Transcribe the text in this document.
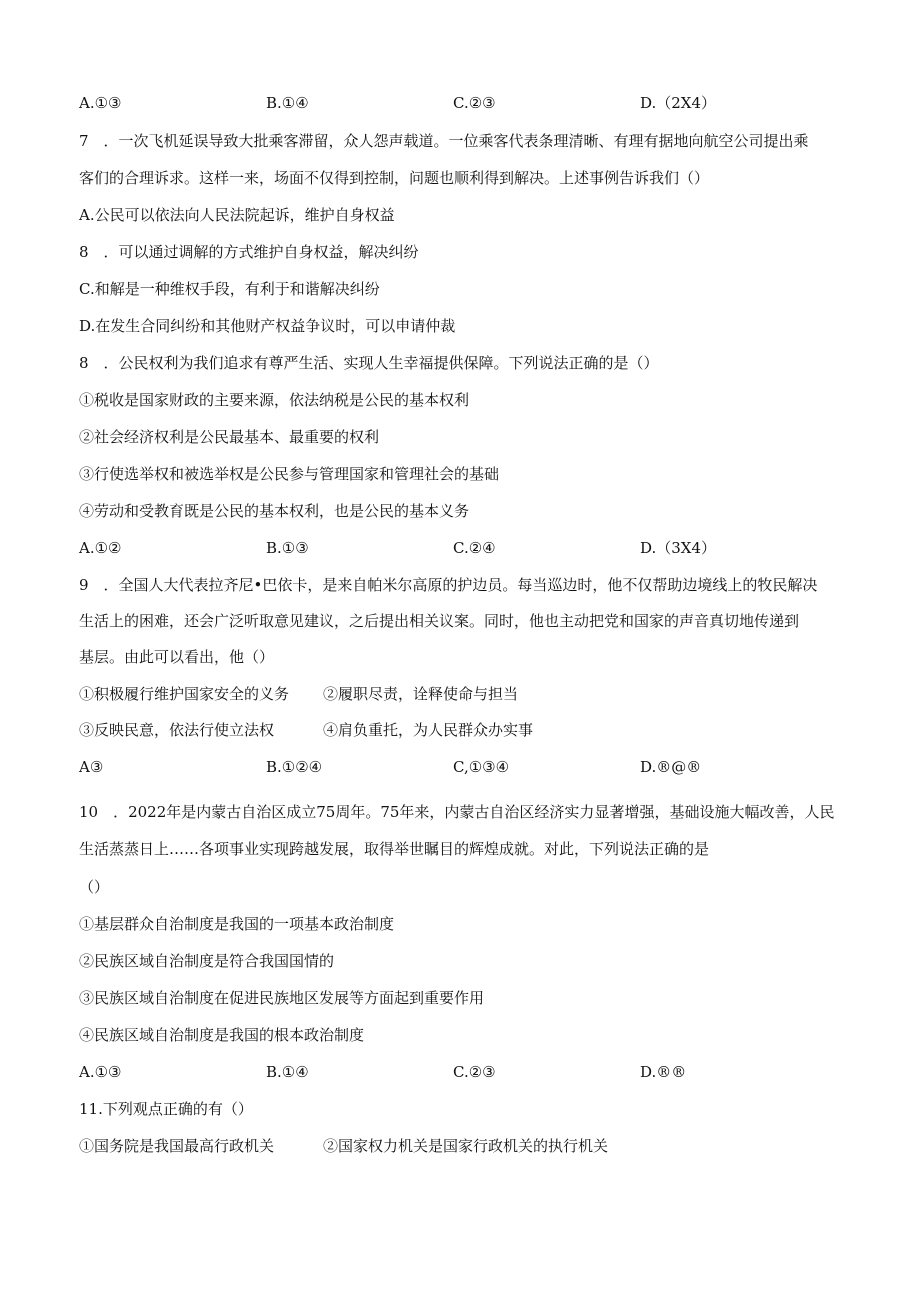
A.①③	B.①④	C.②③	D.（2X4）
7　．一次飞机延误导致大批乘客滞留，众人怨声载道。一位乘客代表条理清晰、有理有据地向航空公司提出乘
客们的合理诉求。这样一来，场面不仅得到控制，问题也顺利得到解决。上述事例告诉我们（）
A.公民可以依法向人民法院起诉，维护自身权益
8　．可以通过调解的方式维护自身权益，解决纠纷
C.和解是一种维权手段，有利于和谐解决纠纷
D.在发生合同纠纷和其他财产权益争议时，可以申请仲裁
8　．公民权利为我们追求有尊严生活、实现人生幸福提供保障。下列说法正确的是（）
①税收是国家财政的主要来源，依法纳税是公民的基本权利
②社会经济权利是公民最基本、最重要的权利
③行使选举权和被选举权是公民参与管理国家和管理社会的基础
④劳动和受教育既是公民的基本权利，也是公民的基本义务
A.①②	B.①③	C.②④	D.（3X4）
9　．全国人大代表拉齐尼•巴依卡，是来自帕米尔高原的护边员。每当巡边时，他不仅帮助边境线上的牧民解决
生活上的困难，还会广泛听取意见建议，之后提出相关议案。同时，他也主动把党和国家的声音真切地传递到
基层。由此可以看出，他（）
①积极履行维护国家安全的义务 ②履职尽责，诠释使命与担当
③反映民意，依法行使立法权	④肩负重托，为人民群众办实事
A③	B.①②④	C,①③④	D.®@®
10　．2022年是内蒙古自治区成立75周年。75年来，内蒙古自治区经济实力显著增强，基础设施大幅改善，人民
生活蒸蒸日上……各项事业实现跨越发展，取得举世瞩目的辉煌成就。对此，下列说法正确的是
（）
①基层群众自治制度是我国的一项基本政治制度
②民族区域自治制度是符合我国国情的
③民族区域自治制度在促进民族地区发展等方面起到重要作用
④民族区域自治制度是我国的根本政治制度
A.①③	B.①④	C.②③	D.®®
11.下列观点正确的有（）
①国务院是我国最高行政机关	②国家权力机关是国家行政机关的执行机关
